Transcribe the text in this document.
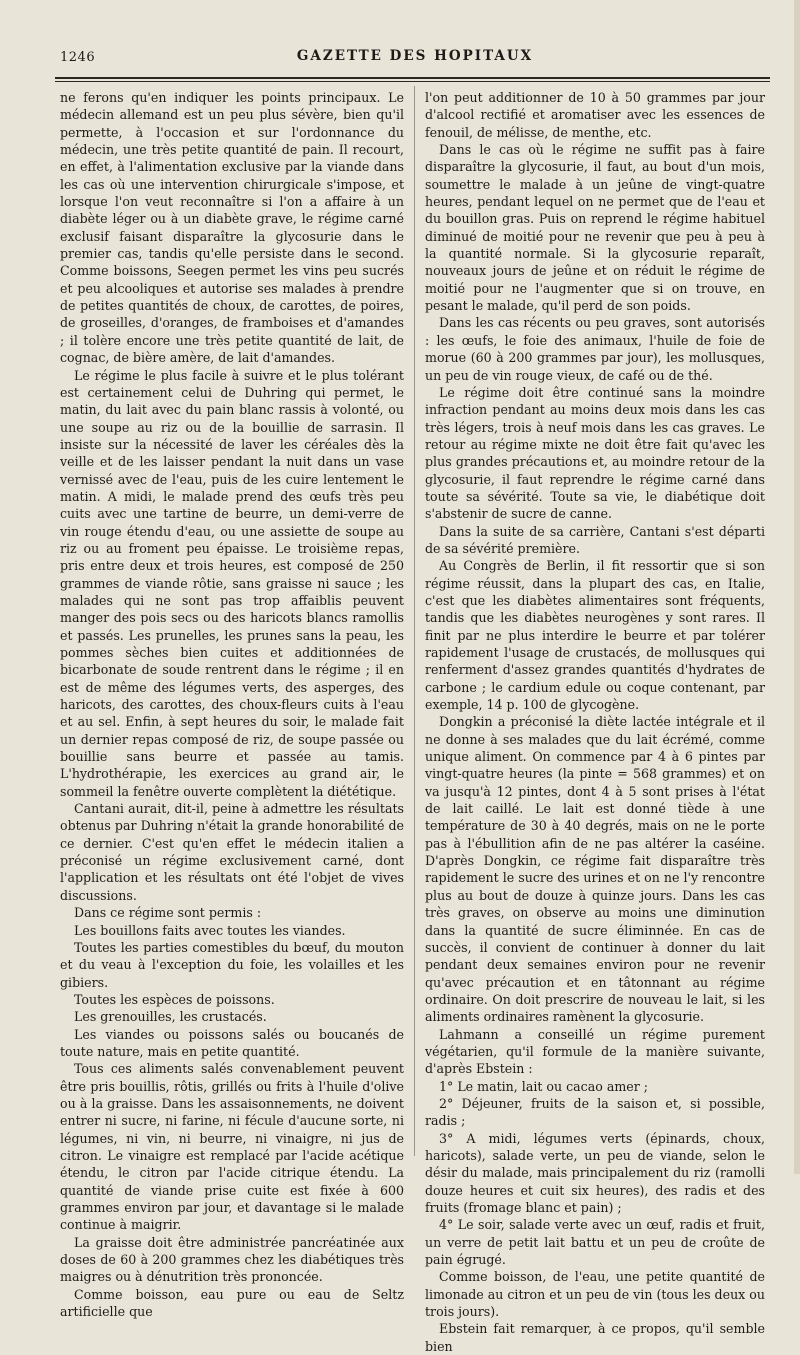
1246	GAZETTE DES HOPITAUX

ne ferons qu'en indiquer les points principaux. Le médecin allemand est un peu plus sévère, bien qu'il permette, à l'occasion et sur l'ordonnance du médecin, une très petite quantité de pain. Il recourt, en effet, à l'alimentation exclusive par la viande dans les cas où une intervention chirurgicale s'impose, et lorsque l'on veut reconnaître si l'on a affaire à un diabète léger ou à un diabète grave, le régime carné exclusif faisant disparaître la glycosurie dans le premier cas, tandis qu'elle persiste dans le second. Comme boissons, Seegen permet les vins peu sucrés et peu alcooliques et autorise ses malades à prendre de petites quantités de choux, de carottes, de poires, de groseilles, d'oranges, de framboises et d'amandes ; il tolère encore une très petite quantité de lait, de cognac, de bière amère, de lait d'amandes.

Le régime le plus facile à suivre et le plus tolérant est certainement celui de Duhring qui permet, le matin, du lait avec du pain blanc rassis à volonté, ou une soupe au riz ou de la bouillie de sarrasin. Il insiste sur la nécessité de laver les céréales dès la veille et de les laisser pendant la nuit dans un vase vernissé avec de l'eau, puis de les cuire lentement le matin. A midi, le malade prend des œufs très peu cuits avec une tartine de beurre, un demi-verre de vin rouge étendu d'eau, ou une assiette de soupe au riz ou au froment peu épaisse. Le troisième repas, pris entre deux et trois heures, est composé de 250 grammes de viande rôtie, sans graisse ni sauce ; les malades qui ne sont pas trop affaiblis peuvent manger des pois secs ou des haricots blancs ramollis et passés. Les prunelles, les prunes sans la peau, les pommes sèches bien cuites et additionnées de bicarbonate de soude rentrent dans le régime ; il en est de même des légumes verts, des asperges, des haricots, des carottes, des choux-fleurs cuits à l'eau et au sel. Enfin, à sept heures du soir, le malade fait un dernier repas composé de riz, de soupe passée ou bouillie sans beurre et passée au tamis. L'hydrothérapie, les exercices au grand air, le sommeil la fenêtre ouverte complètent la diététique.

Cantani aurait, dit-il, peine à admettre les résultats obtenus par Duhring n'était la grande honorabilité de ce dernier. C'est qu'en effet le médecin italien a préconisé un régime exclusivement carné, dont l'application et les résultats ont été l'objet de vives discussions.

Dans ce régime sont permis :

Les bouillons faits avec toutes les viandes.

Toutes les parties comestibles du bœuf, du mouton et du veau à l'exception du foie, les volailles et les gibiers.

Toutes les espèces de poissons.

Les grenouilles, les crustacés.

Les viandes ou poissons salés ou boucanés de toute nature, mais en petite quantité.

Tous ces aliments salés convenablement peuvent être pris bouillis, rôtis, grillés ou frits à l'huile d'olive ou à la graisse. Dans les assaisonnements, ne doivent entrer ni sucre, ni farine, ni fécule d'aucune sorte, ni légumes, ni vin, ni beurre, ni vinaigre, ni jus de citron. Le vinaigre est remplacé par l'acide acétique étendu, le citron par l'acide citrique étendu. La quantité de viande prise cuite est fixée à 600 grammes environ par jour, et davantage si le malade continue à maigrir.

La graisse doit être administrée pancréatinée aux doses de 60 à 200 grammes chez les diabétiques très maigres ou à dénutrition très prononcée.

Comme boisson, eau pure ou eau de Seltz artificielle que

l'on peut additionner de 10 à 50 grammes par jour d'alcool rectifié et aromatiser avec les essences de fenouil, de mélisse, de menthe, etc.

Dans le cas où le régime ne suffit pas à faire disparaître la glycosurie, il faut, au bout d'un mois, soumettre le malade à un jeûne de vingt-quatre heures, pendant lequel on ne permet que de l'eau et du bouillon gras. Puis on reprend le régime habituel diminué de moitié pour ne revenir que peu à peu à la quantité normale. Si la glycosurie reparaît, nouveaux jours de jeûne et on réduit le régime de moitié pour ne l'augmenter que si on trouve, en pesant le malade, qu'il perd de son poids.

Dans les cas récents ou peu graves, sont autorisés : les œufs, le foie des animaux, l'huile de foie de morue (60 à 200 grammes par jour), les mollusques, un peu de vin rouge vieux, de café ou de thé.

Le régime doit être continué sans la moindre infraction pendant au moins deux mois dans les cas très légers, trois à neuf mois dans les cas graves. Le retour au régime mixte ne doit être fait qu'avec les plus grandes précautions et, au moindre retour de la glycosurie, il faut reprendre le régime carné dans toute sa sévérité. Toute sa vie, le diabétique doit s'abstenir de sucre de canne.

Dans la suite de sa carrière, Cantani s'est départi de sa sévérité première.

Au Congrès de Berlin, il fit ressortir que si son régime réussit, dans la plupart des cas, en Italie, c'est que les diabètes alimentaires sont fréquents, tandis que les diabètes neurogènes y sont rares. Il finit par ne plus interdire le beurre et par tolérer rapidement l'usage de crustacés, de mollusques qui renferment d'assez grandes quantités d'hydrates de carbone ; le cardium edule ou coque contenant, par exemple, 14 p. 100 de glycogène.

Dongkin a préconisé la diète lactée intégrale et il ne donne à ses malades que du lait écrémé, comme unique aliment. On commence par 4 à 6 pintes par vingt-quatre heures (la pinte = 568 grammes) et on va jusqu'à 12 pintes, dont 4 à 5 sont prises à l'état de lait caillé. Le lait est donné tiède à une température de 30 à 40 degrés, mais on ne le porte pas à l'ébullition afin de ne pas altérer la caséine. D'après Dongkin, ce régime fait disparaître très rapidement le sucre des urines et on ne l'y rencontre plus au bout de douze à quinze jours. Dans les cas très graves, on observe au moins une diminution dans la quantité de sucre éliminnée. En cas de succès, il convient de continuer à donner du lait pendant deux semaines environ pour ne revenir qu'avec précaution et en tâtonnant au régime ordinaire. On doit prescrire de nouveau le lait, si les aliments ordinaires ramènent la glycosurie.

Lahmann a conseillé un régime purement végétarien, qu'il formule de la manière suivante, d'après Ebstein :

1° Le matin, lait ou cacao amer ;

2° Déjeuner, fruits de la saison et, si possible, radis ;

3° A midi, légumes verts (épinards, choux, haricots), salade verte, un peu de viande, selon le désir du malade, mais principalement du riz (ramolli douze heures et cuit six heures), des radis et des fruits (fromage blanc et pain) ;

4° Le soir, salade verte avec un œuf, radis et fruit, un verre de petit lait battu et un peu de croûte de pain égrugé.

Comme boisson, de l'eau, une petite quantité de limonade au citron et un peu de vin (tous les deux ou trois jours).

Ebstein fait remarquer, à ce propos, qu'il semble bien
